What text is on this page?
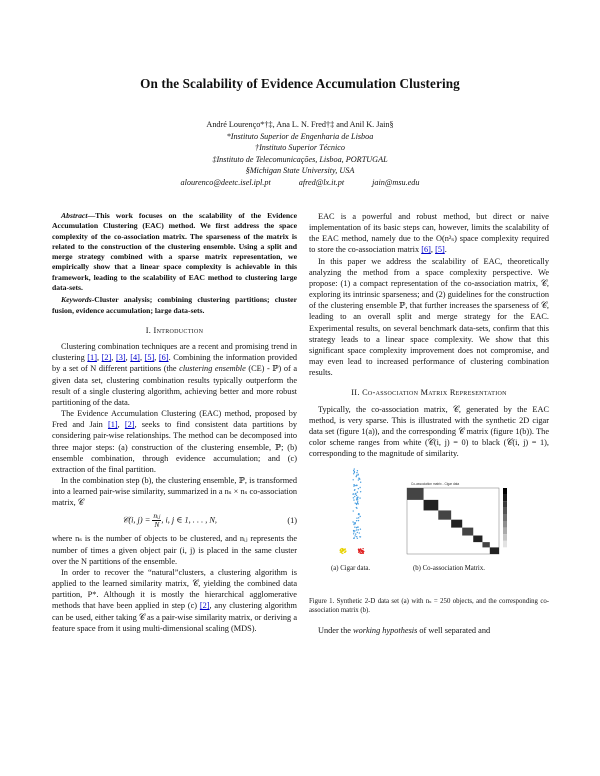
On the Scalability of Evidence Accumulation Clustering
André Lourenço*†‡, Ana L. N. Fred†‡ and Anil K. Jain§
*Instituto Superior de Engenharia de Lisboa
†Instituto Superior Técnico
‡Instituto de Telecomunicações, Lisboa, PORTUGAL
§Michigan State University, USA
alourenco@deetc.isel.ipl.pt	afred@lx.it.pt	jain@msu.edu

Abstract—This work focuses on the scalability of the Evidence Accumulation Clustering (EAC) method. We first address the space complexity of the co-association matrix. The sparseness of the matrix is related to the construction of the clustering ensemble. Using a split and merge strategy combined with a sparse matrix representation, we empirically show that a linear space complexity is achievable in this framework, leading to the scalability of EAC method to clustering large data-sets.

Keywords-Cluster analysis; combining clustering partitions; cluster fusion, evidence accumulation; large data-sets.

I. Introduction

Clustering combination techniques are a recent and promising trend in clustering [1], [2], [3], [4], [5], [6]. Combining the information provided by a set of N different partitions (the clustering ensemble (CE) - ℙ) of a given data set, clustering combination results typically outperform the result of a single clustering algorithm, achieving better and more robust partitioning of the data.

The Evidence Accumulation Clustering (EAC) method, proposed by Fred and Jain [1], [2], seeks to find consistent data partitions by considering pair-wise relationships. The method can be decomposed into three major steps: (a) construction of the clustering ensemble, ℙ; (b) ensemble combination, through evidence accumulation; and (c) extraction of the final partition.

In the combination step (b), the clustering ensemble, ℙ, is transformed into a learned pair-wise similarity, summarized in a nₛ × nₛ co-association matrix, 𝒞

𝒞(i, $j) = \frac{\text{nᵢⱼ}}{N}$ , i, j ∈ 1, . . . , N,	(1)

where nₛ is the number of objects to be clustered, and nᵢⱼ represents the number of times a given object pair (i, j) is placed in the same cluster over the N partitions of the ensemble.

In order to recover the “natural”clusters, a clustering algorithm is applied to the learned similarity matrix, 𝒞, yielding the combined data partition, P*. Although it is mostly the hierarchical agglomerative methods that have been applied in step (c) [2], any clustering algorithm can be used, either taking 𝒞 as a pair-wise similarity matrix, or deriving a feature space from it using multi-dimensional scaling (MDS).

EAC is a powerful and robust method, but direct or naive implementation of its basic steps can, however, limits the scalability of the EAC method, namely due to the O(n²ₛ) space complexity required to store the co-association matrix [6], [5].

In this paper we address the scalability of EAC, theoretically analyzing the method from a space complexity perspective. We propose: (1) a compact representation of the co-association matrix, 𝒞, exploring its intrinsic sparseness; and (2) guidelines for the construction of the clustering ensemble ℙ, that further increases the sparseness of 𝒞, leading to an overall split and merge strategy for the EAC. Experimental results, on several benchmark data-sets, confirm that this strategy leads to a linear space complexity. We show that this significant space complexity improvement does not compromise, and may even lead to increased performance of clustering combination results.

II. Co-association Matrix Representation

Typically, the co-association matrix, 𝒞, generated by the EAC method, is very sparse. This is illustrated with the synthetic 2D cigar data set (figure 1(a)), and the corresponding 𝒞 matrix (figure 1(b)). The color scheme ranges from white (𝒞(i, j) = 0) to black (𝒞(i, j) = 1), corresponding to the magnitude of similarity.

Co-association matrix - Cigar data
(a) Cigar data.	(b) Co-association Matrix.
Figure 1. Synthetic 2-D data set (a) with nₛ = 250 objects, and the corresponding co-association matrix (b).

Under the working hypothesis of well separated and
